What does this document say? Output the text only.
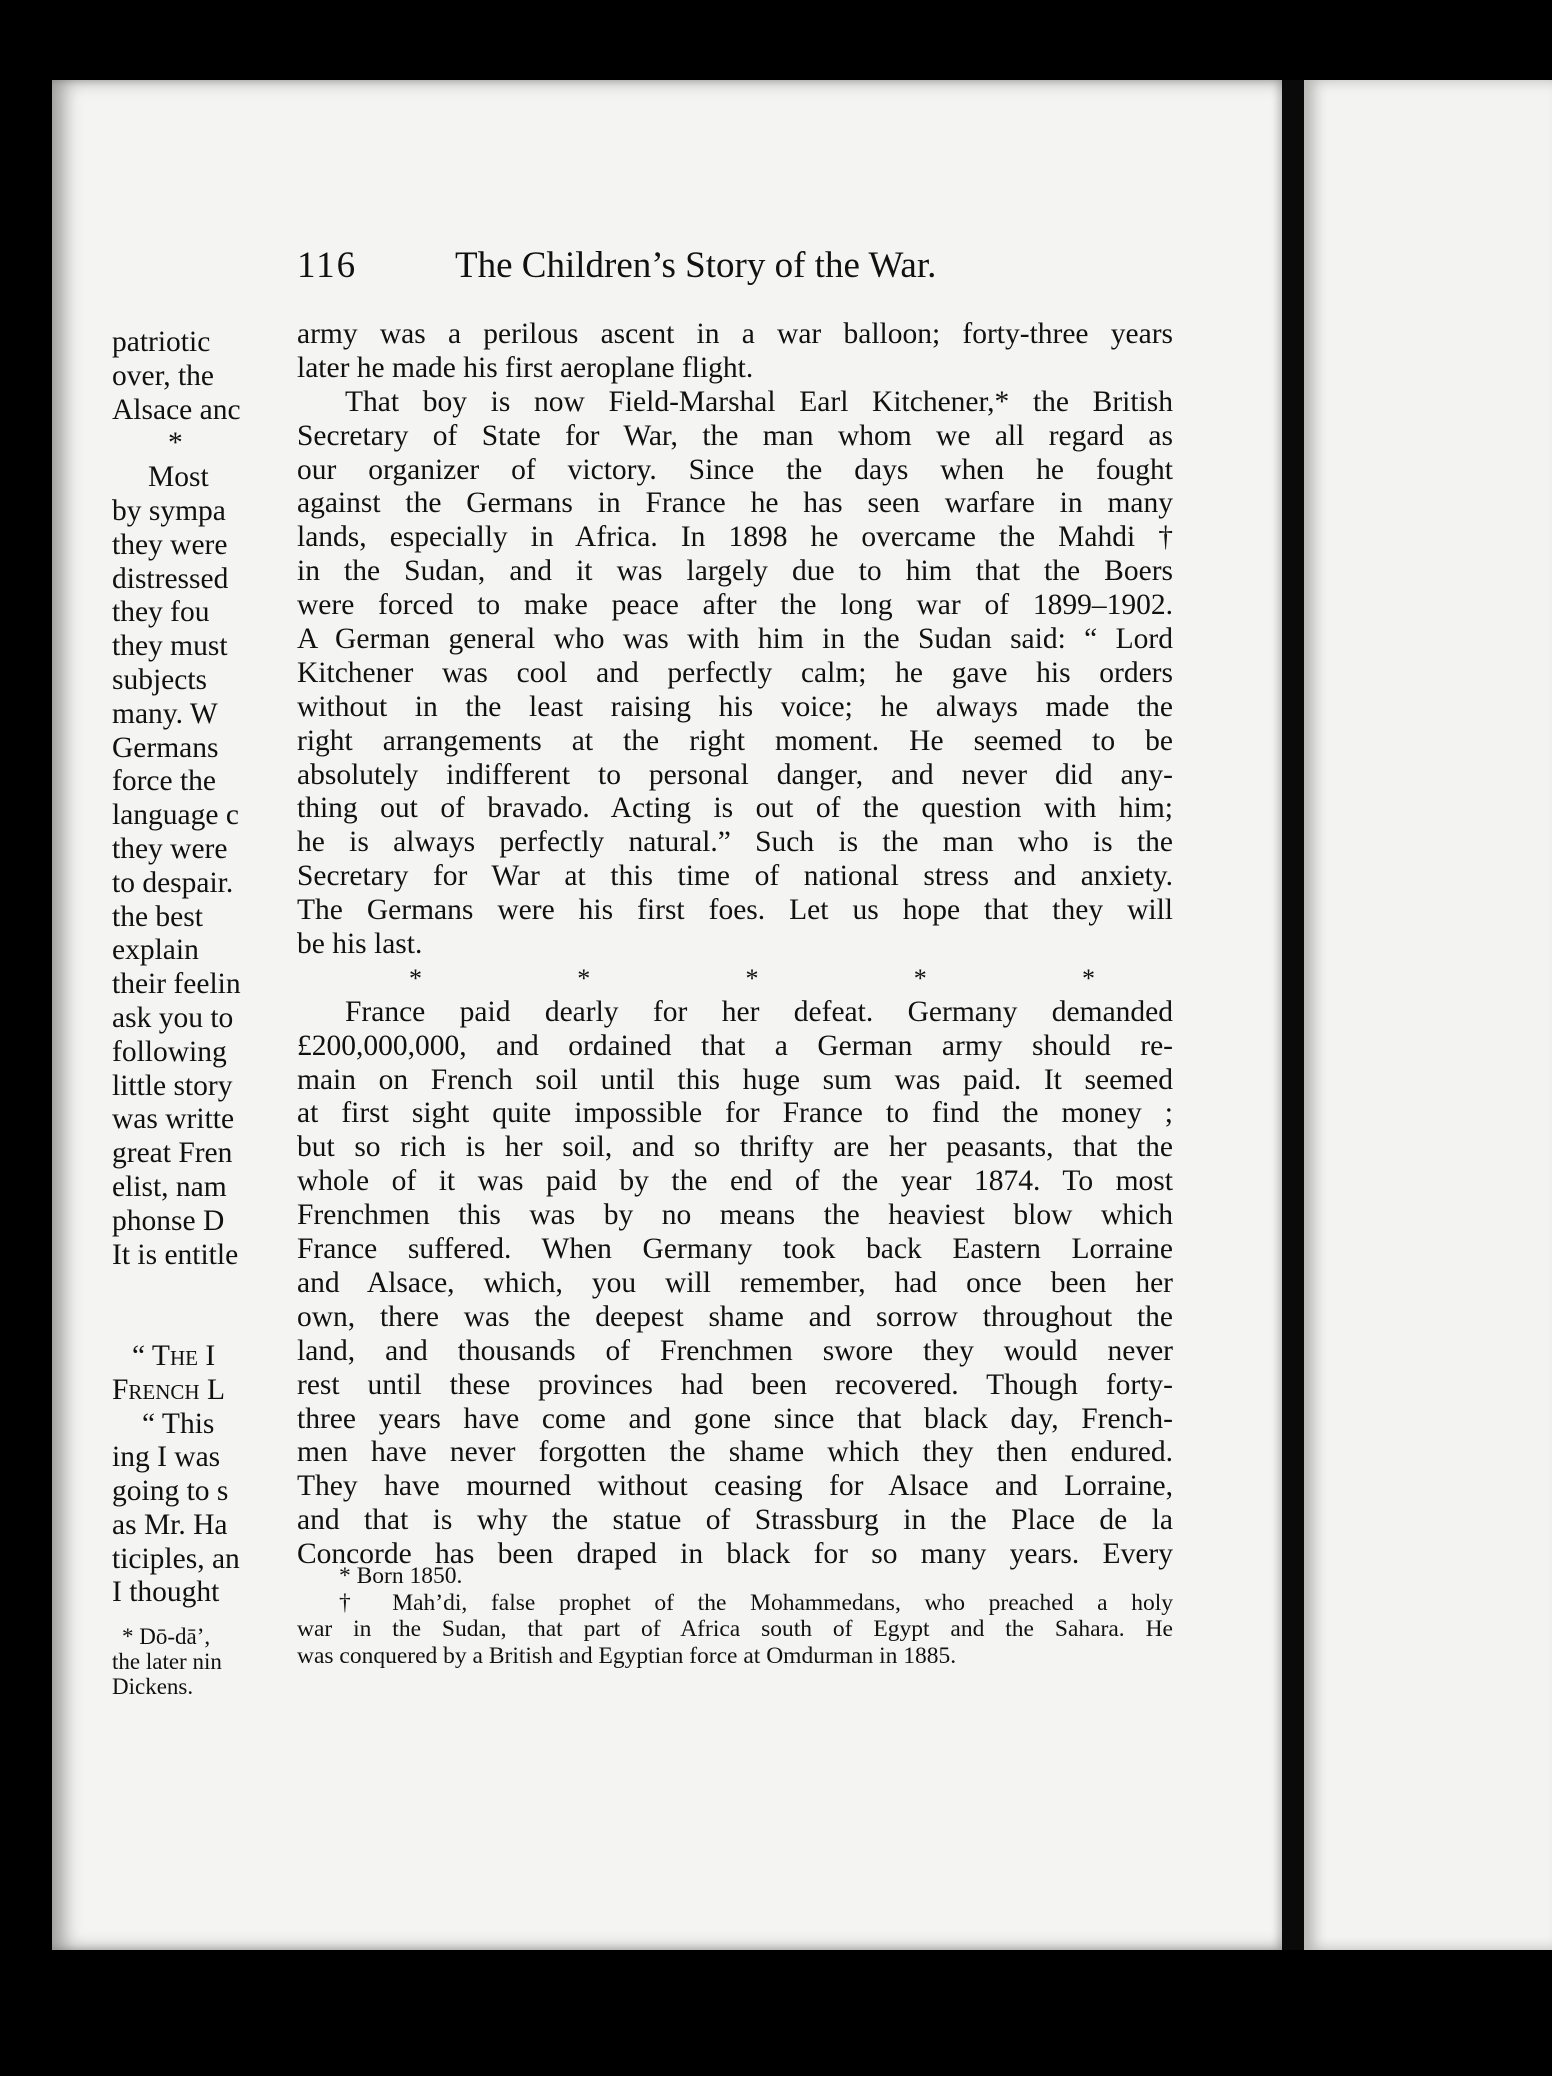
116	The Children’s Story of the War.
army was a perilous ascent in a war balloon; forty-three years
later he made his first aeroplane flight.
That boy is now Field-Marshal Earl Kitchener,* the British
Secretary of State for War, the man whom we all regard as
our organizer of victory. Since the days when he fought
against the Germans in France he has seen warfare in many
lands, especially in Africa. In 1898 he overcame the Mahdi †
in the Sudan, and it was largely due to him that the Boers
were forced to make peace after the long war of 1899–1902.
A German general who was with him in the Sudan said: “ Lord
Kitchener was cool and perfectly calm; he gave his orders
without in the least raising his voice; he always made the
right arrangements at the right moment. He seemed to be
absolutely indifferent to personal danger, and never did any-
thing out of bravado. Acting is out of the question with him;
he is always perfectly natural.” Such is the man who is the
Secretary for War at this time of national stress and anxiety.
The Germans were his first foes. Let us hope that they will
be his last.
*	*	*	*	*
France paid dearly for her defeat. Germany demanded
£200,000,000, and ordained that a German army should re-
main on French soil until this huge sum was paid. It seemed
at first sight quite impossible for France to find the money ;
but so rich is her soil, and so thrifty are her peasants, that the
whole of it was paid by the end of the year 1874. To most
Frenchmen this was by no means the heaviest blow which
France suffered. When Germany took back Eastern Lorraine
and Alsace, which, you will remember, had once been her
own, there was the deepest shame and sorrow throughout the
land, and thousands of Frenchmen swore they would never
rest until these provinces had been recovered. Though forty-
three years have come and gone since that black day, French-
men have never forgotten the shame which they then endured.
They have mourned without ceasing for Alsace and Lorraine,
and that is why the statue of Strassburg in the Place de la
Concorde has been draped in black for so many years. Every
* Born 1850.
† Mah’di, false prophet of the Mohammedans, who preached a holy
war in the Sudan, that part of Africa south of Egypt and the Sahara. He
was conquered by a British and Egyptian force at Omdurman in 1885.
patriotic
over, the
Alsace anc
*
Most
by sympa
they were
distressed
they fou
they must
subjects
many. W
Germans
force the
language c
they were
to despair.
the best
explain
their feelin
ask you to
following
little story
was writte
great Fren
elist, nam
phonse D
It is entitle
“ The I
French L
“ This
ing I was
going to s
as Mr. Ha
ticiples, an
I thought
* Dō-dā’,
the later nin
Dickens.
